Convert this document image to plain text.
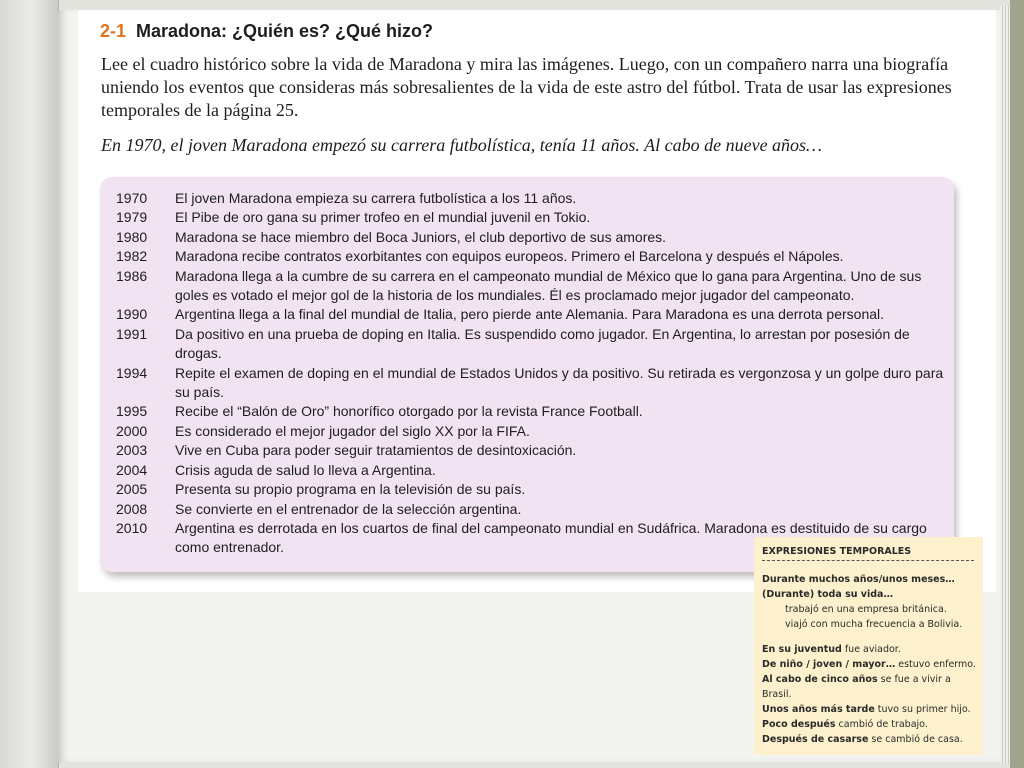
2-1 Maradona: ¿Quién es? ¿Qué hizo?
Lee el cuadro histórico sobre la vida de Maradona y mira las imágenes. Luego, con un compañero narra una biografía uniendo los eventos que consideras más sobresalientes de la vida de este astro del fútbol. Trata de usar las expresiones temporales de la página 25.
En 1970, el joven Maradona empezó su carrera futbolística, tenía 11 años. Al cabo de nueve años…
1970	El joven Maradona empieza su carrera futbolística a los 11 años.
1979	El Pibe de oro gana su primer trofeo en el mundial juvenil en Tokio.
1980	Maradona se hace miembro del Boca Juniors, el club deportivo de sus amores.
1982	Maradona recibe contratos exorbitantes con equipos europeos. Primero el Barcelona y después el Nápoles.
1986	Maradona llega a la cumbre de su carrera en el campeonato mundial de México que lo gana para Argentina. Uno de sus goles es votado el mejor gol de la historia de los mundiales. Él es proclamado mejor jugador del campeonato.
1990	Argentina llega a la final del mundial de Italia, pero pierde ante Alemania. Para Maradona es una derrota personal.
1991	Da positivo en una prueba de doping en Italia. Es suspendido como jugador. En Argentina, lo arrestan por posesión de drogas.
1994	Repite el examen de doping en el mundial de Estados Unidos y da positivo. Su retirada es vergonzosa y un golpe duro para su país.
1995	Recibe el “Balón de Oro” honorífico otorgado por la revista France Football.
2000	Es considerado el mejor jugador del siglo XX por la FIFA.
2003	Vive en Cuba para poder seguir tratamientos de desintoxicación.
2004	Crisis aguda de salud lo lleva a Argentina.
2005	Presenta su propio programa en la televisión de su país.
2008	Se convierte en el entrenador de la selección argentina.
2010	Argentina es derrotada en los cuartos de final del campeonato mundial en Sudáfrica. Maradona es destituido de su cargo como entrenador.	EXPRESIONES TEMPORALES
Durante muchos años/unos meses…
(Durante) toda su vida…
trabajó en una empresa británica.
viajó con mucha frecuencia a Bolivia.
En su juventud fue aviador.
De niño / joven / mayor… estuvo enfermo.
Al cabo de cinco años se fue a vivir a
Brasil.
Unos años más tarde tuvo su primer hijo.
Poco después cambió de trabajo.
Después de casarse se cambió de casa.
